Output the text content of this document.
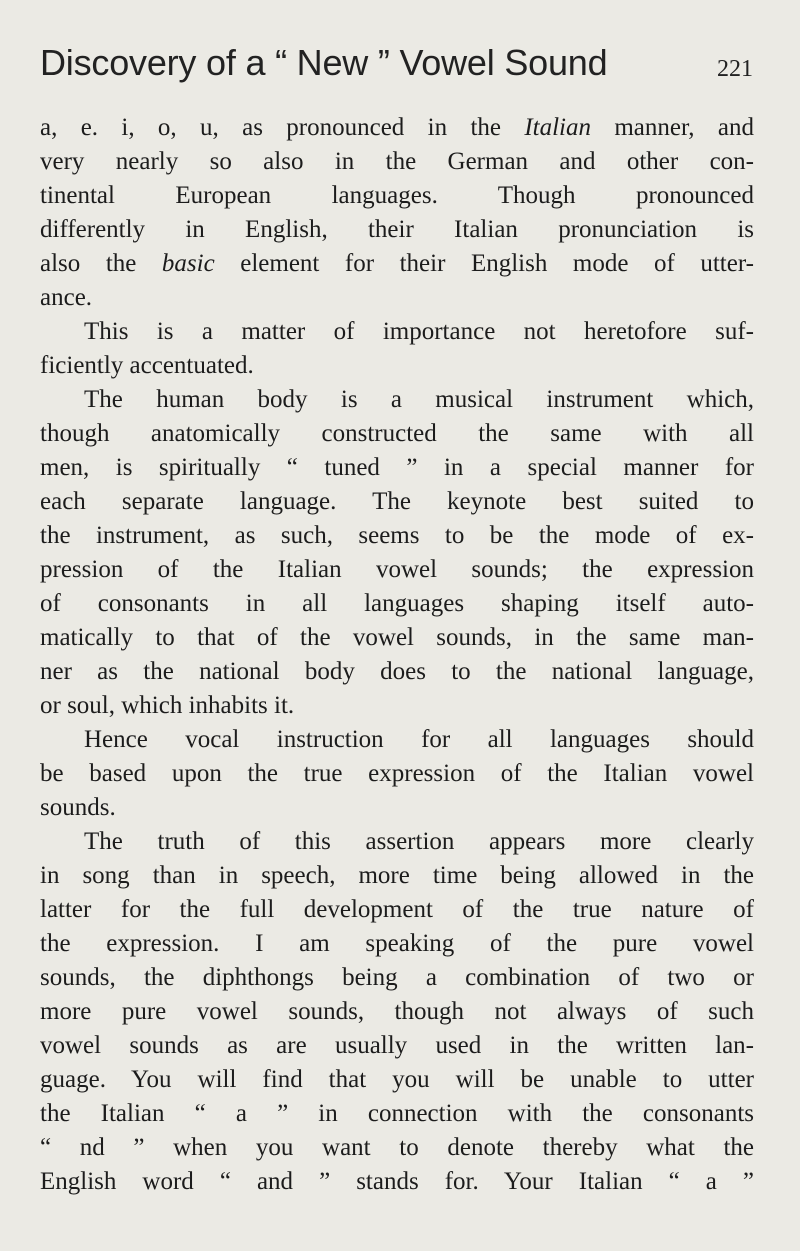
Discovery of a “ New ” Vowel Sound	221
a, e. i, o, u, as pronounced in the Italian manner, and
very nearly so also in the German and other con-
tinental European languages. Though pronounced
differently in English, their Italian pronunciation is
also the basic element for their English mode of utter-
ance.
This is a matter of importance not heretofore suf-
ficiently accentuated.
The human body is a musical instrument which,
though anatomically constructed the same with all
men, is spiritually “ tuned ” in a special manner for
each separate language. The keynote best suited to
the instrument, as such, seems to be the mode of ex-
pression of the Italian vowel sounds; the expression
of consonants in all languages shaping itself auto-
matically to that of the vowel sounds, in the same man-
ner as the national body does to the national language,
or soul, which inhabits it.
Hence vocal instruction for all languages should
be based upon the true expression of the Italian vowel
sounds.
The truth of this assertion appears more clearly
in song than in speech, more time being allowed in the
latter for the full development of the true nature of
the expression. I am speaking of the pure vowel
sounds, the diphthongs being a combination of two or
more pure vowel sounds, though not always of such
vowel sounds as are usually used in the written lan-
guage. You will find that you will be unable to utter
the Italian “ a ” in connection with the consonants
“ nd ” when you want to denote thereby what the
English word “ and ” stands for. Your Italian “ a ”
